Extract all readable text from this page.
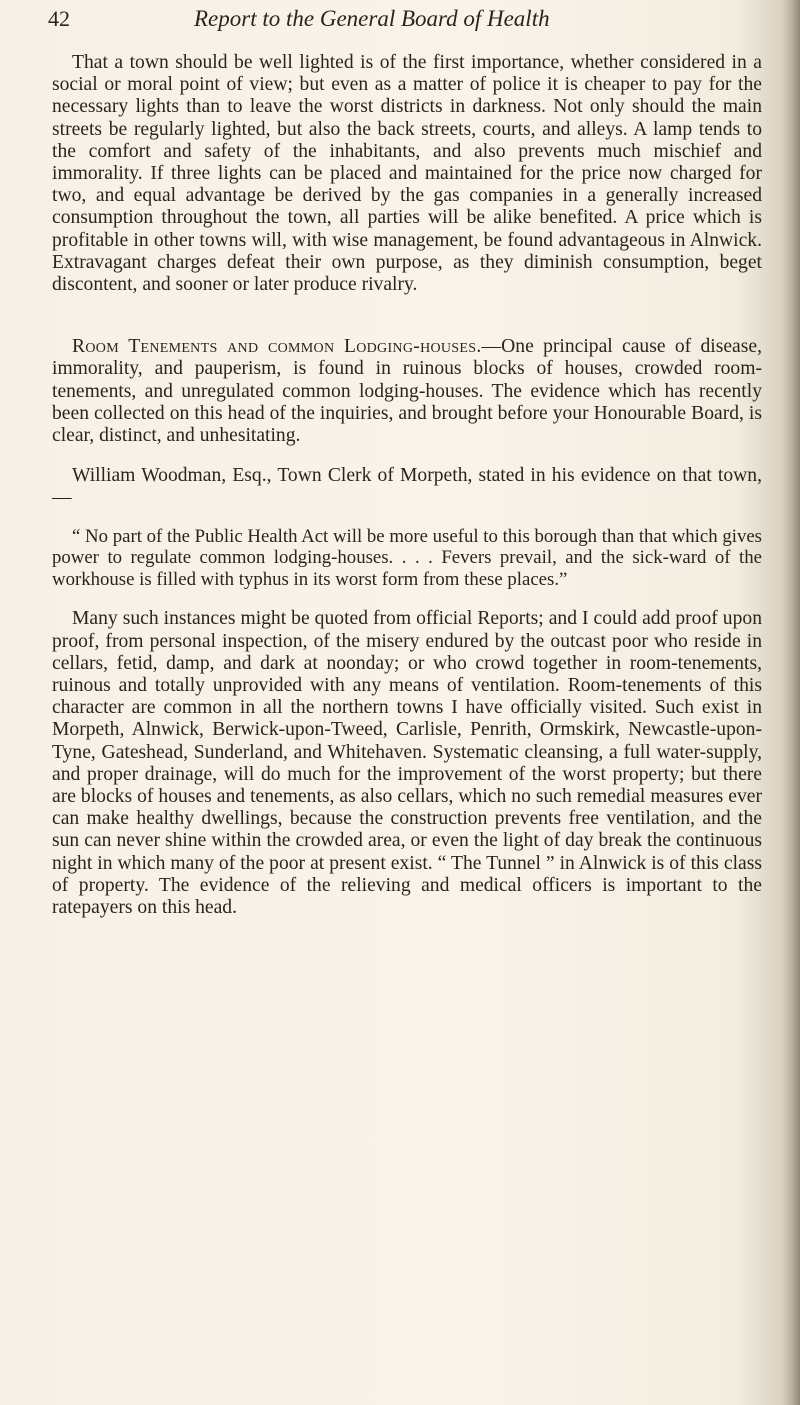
42	Report to the General Board of Health

That a town should be well lighted is of the first importance, whether considered in a social or moral point of view; but even as a matter of police it is cheaper to pay for the necessary lights than to leave the worst districts in darkness. Not only should the main streets be regularly lighted, but also the back streets, courts, and alleys. A lamp tends to the comfort and safety of the inhabitants, and also prevents much mischief and immorality. If three lights can be placed and maintained for the price now charged for two, and equal advantage be derived by the gas companies in a generally increased consumption throughout the town, all parties will be alike benefited. A price which is profitable in other towns will, with wise management, be found advantageous in Alnwick. Extravagant charges defeat their own purpose, as they diminish consumption, beget discontent, and sooner or later produce rivalry.

Room Tenements and common Lodging-houses.—One principal cause of disease, immorality, and pauperism, is found in ruinous blocks of houses, crowded room-tenements, and unregulated common lodging-houses. The evidence which has recently been collected on this head of the inquiries, and brought before your Honourable Board, is clear, distinct, and unhesitating.

William Woodman, Esq., Town Clerk of Morpeth, stated in his evidence on that town,—

“ No part of the Public Health Act will be more useful to this borough than that which gives power to regulate common lodging-houses. . . . Fevers prevail, and the sick-ward of the workhouse is filled with typhus in its worst form from these places.”

Many such instances might be quoted from official Reports; and I could add proof upon proof, from personal inspection, of the misery endured by the outcast poor who reside in cellars, fetid, damp, and dark at noonday; or who crowd together in room-tenements, ruinous and totally unprovided with any means of ventilation. Room-tenements of this character are common in all the northern towns I have officially visited. Such exist in Morpeth, Alnwick, Berwick-upon-Tweed, Carlisle, Penrith, Ormskirk, Newcastle-upon-Tyne, Gateshead, Sunderland, and Whitehaven. Systematic cleansing, a full water-supply, and proper drainage, will do much for the improvement of the worst property; but there are blocks of houses and tenements, as also cellars, which no such remedial measures ever can make healthy dwellings, because the construction prevents free ventilation, and the sun can never shine within the crowded area, or even the light of day break the continuous night in which many of the poor at present exist. “ The Tunnel ” in Alnwick is of this class of property. The evidence of the relieving and medical officers is important to the ratepayers on this head.
